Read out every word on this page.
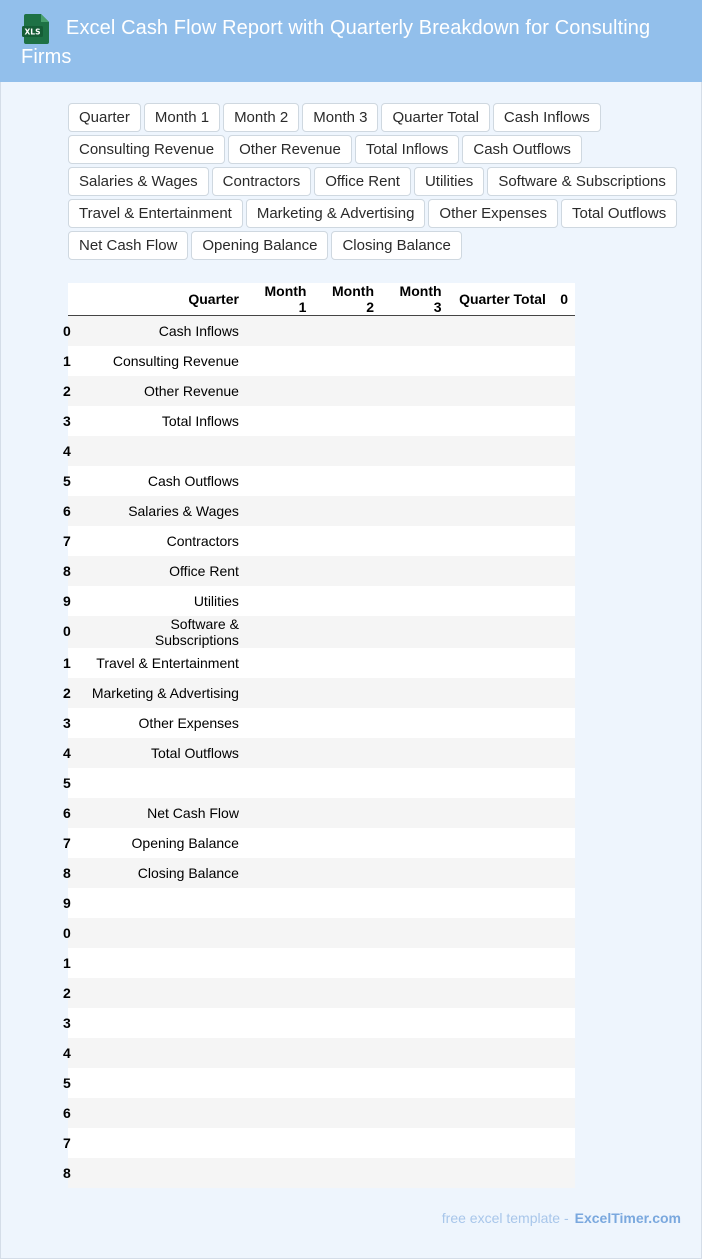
XLS	Excel Cash Flow Report with Quarterly Breakdown for Consulting Firms
Quarter	Month 1	Month 2	Month 3	Quarter Total	Cash Inflows
Consulting Revenue	Other Revenue	Total Inflows	Cash Outflows
Salaries & Wages	Contractors	Office Rent	Utilities	Software & Subscriptions
Travel & Entertainment	Marketing & Advertising	Other Expenses	Total Outflows
Net Cash Flow	Opening Balance	Closing Balance
	Quarter	Month 1	Month 2	Month 3	Quarter Total	0

0	Cash Inflows					

1	Consulting Revenue					

2	Other Revenue					

3	Total Inflows					

4						

5	Cash Outflows					

6	Salaries & Wages					

7	Contractors					

8	Office Rent					

9	Utilities					

0	Software & Subscriptions					

1	Travel & Entertainment					

2	Marketing & Advertising					

3	Other Expenses					

4	Total Outflows					

5						

6	Net Cash Flow					

7	Opening Balance					

8	Closing Balance					

9						

0						

1						

2						

3						

4						

5						

6						

7						

8						

free excel template - ExcelTimer.com
